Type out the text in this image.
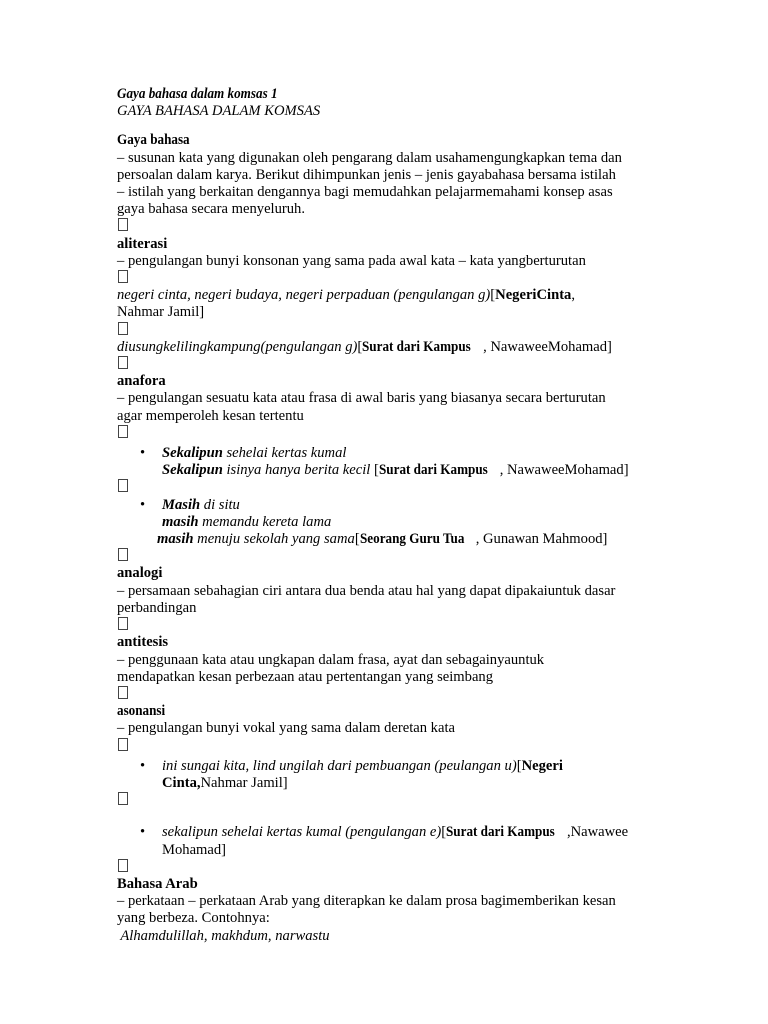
Gaya bahasa dalam komsas 1

GAYA BAHASA DALAM KOMSAS

Gaya bahasa

– susunan kata yang digunakan oleh pengarang dalam usahamengungkapkan tema dan

persoalan dalam karya. Berikut dihimpunkan jenis – jenis gayabahasa bersama istilah

– istilah yang berkaitan dengannya bagi memudahkan pelajarmemahami konsep asas

gaya bahasa secara menyeluruh.

aliterasi

– pengulangan bunyi konsonan yang sama pada awal kata – kata yangberturutan

negeri cinta, negeri budaya, negeri perpaduan (pengulangan g)[NegeriCinta,

Nahmar Jamil]

diusungkelilingkampung(pengulangan g)[Surat dari Kampus , NawaweeMohamad]

anafora

– pengulangan sesuatu kata atau frasa di awal baris yang biasanya secara berturutan

agar memperoleh kesan tertentu

• Sekalipun sehelai kertas kumal

Sekalipun isinya hanya berita kecil [Surat dari Kampus , NawaweeMohamad]

• Masih di situ

masih memandu kereta lama

masih menuju sekolah yang sama[Seorang Guru Tua , Gunawan Mahmood]

analogi

– persamaan sebahagian ciri antara dua benda atau hal yang dapat dipakaiuntuk dasar

perbandingan

antitesis

– penggunaan kata atau ungkapan dalam frasa, ayat dan sebagainyauntuk

mendapatkan kesan perbezaan atau pertentangan yang seimbang

asonansi

– pengulangan bunyi vokal yang sama dalam deretan kata

• ini sungai kita, lind ungilah dari pembuangan (peulangan u)[Negeri

Cinta,Nahmar Jamil]

• sekalipun sehelai kertas kumal (pengulangan e)[Surat dari Kampus ,Nawawee

Mohamad]

Bahasa Arab

– perkataan – perkataan Arab yang diterapkan ke dalam prosa bagimemberikan kesan

yang berbeza. Contohnya:

Alhamdulillah, makhdum, narwastu
